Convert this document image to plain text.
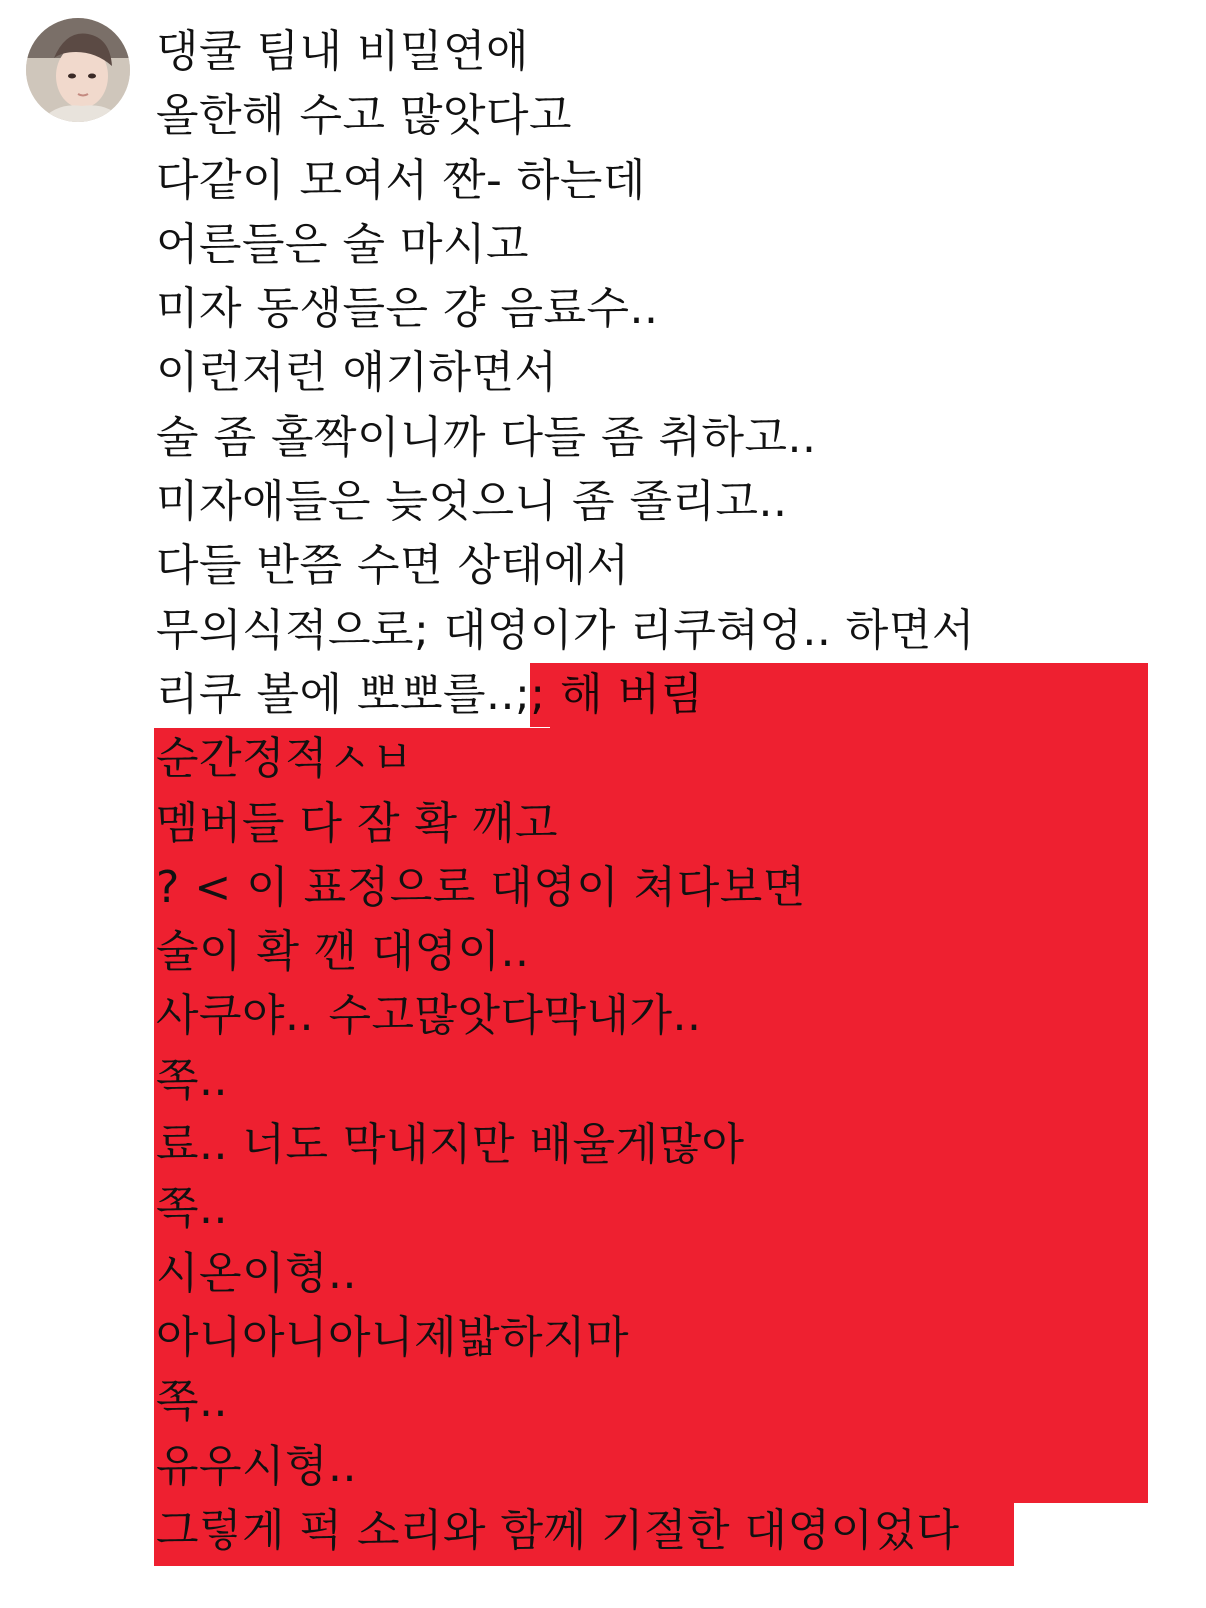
댕쿨 팀내 비밀연애
올한해 수고 많앗다고
다같이 모여서 짠- 하는데
어른들은 술 마시고
미자 동생들은 걍 음료수..
이런저런 얘기하면서
술 좀 홀짝이니까 다들 좀 취하고..
미자애들은 늦엇으니 좀 졸리고..
다들 반쯤 수면 상태에서
무의식적으로; 대영이가 리쿠혀엉.. 하면서
리쿠 볼에 뽀뽀를..;; 해 버림
순간정적ㅅㅂ
멤버들 다 잠 확 깨고
? < 이 표정으로 대영이 쳐다보면
술이 확 깬 대영이..
사쿠야.. 수고많앗다막내가..
쪽..
료.. 너도 막내지만 배울게많아
쪽..
시온이형..
아니아니아니제밟하지마
쪽..
유우시형..
그렇게 퍽 소리와 함께 기절한 대영이었다
